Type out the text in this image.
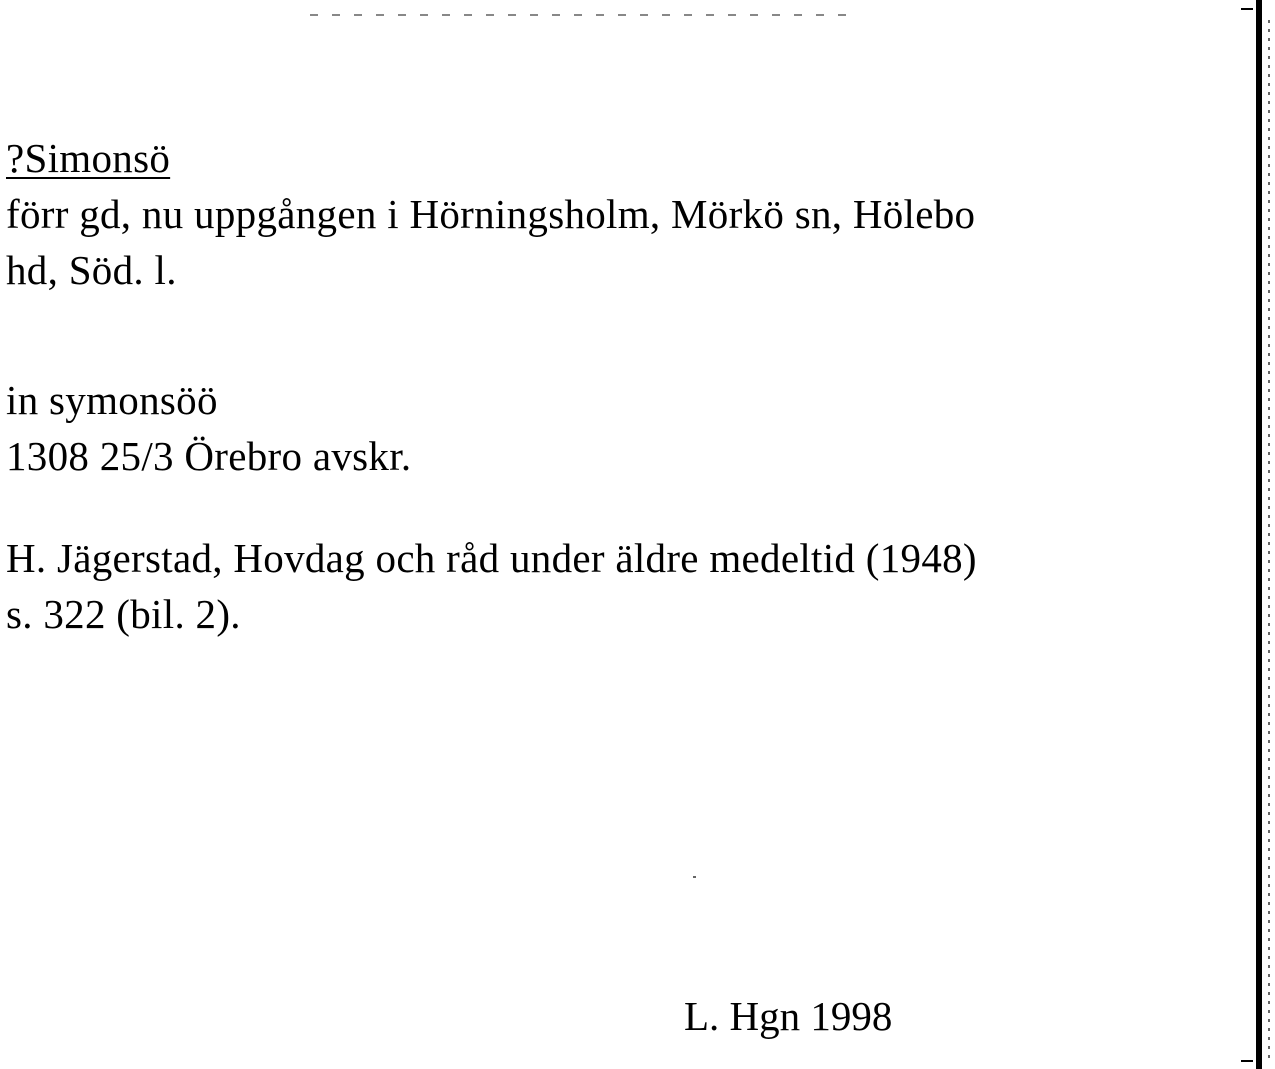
?Simonsö
förr gd, nu uppgången i Hörningsholm, Mörkö sn, Hölebo
hd, Söd. l.
in symonsöö
1308 25/3 Örebro avskr.
H. Jägerstad, Hovdag och råd under äldre medeltid (1948)
s. 322 (bil. 2).
L. Hgn 1998
